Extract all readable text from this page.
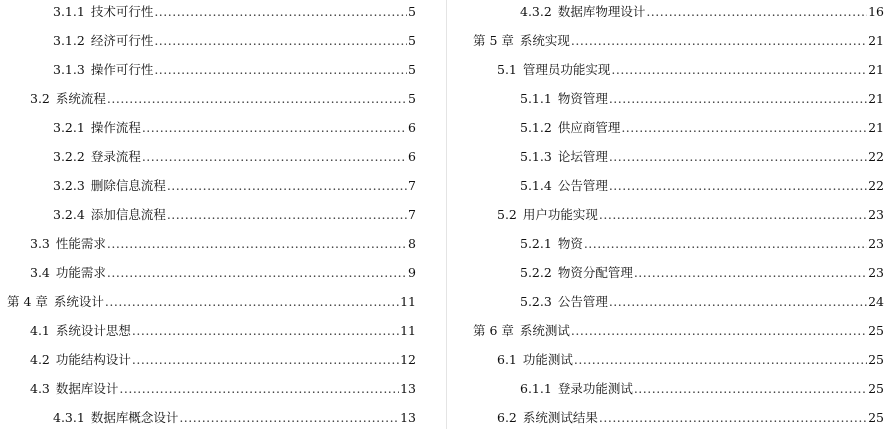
3.1.1 技术可行性 .....	5
3.1.2 经济可行性 .....	5
3.1.3 操作可行性 .....	5
3.2 系统流程 .....	5
3.2.1 操作流程 .....	6
3.2.2 登录流程 .....	6
3.2.3 删除信息流程 .....	7
3.2.4 添加信息流程 .....	7
3.3 性能需求 .....	8
3.4 功能需求 .....	9
第 4 章 系统设计 .....	11
4.1 系统设计思想 .....	11
4.2 功能结构设计 .....	12
4.3 数据库设计 .....	13
4.3.1 数据库概念设计 .....	13
4.3.2 数据库物理设计 .....	16
第 5 章 系统实现 .....	21
5.1 管理员功能实现 .....	21
5.1.1 物资管理 .....	21
5.1.2 供应商管理 .....	21
5.1.3 论坛管理 .....	22
5.1.4 公告管理 .....	22
5.2 用户功能实现 .....	23
5.2.1 物资 .....	23
5.2.2 物资分配管理 .....	23
5.2.3 公告管理 .....	24
第 6 章 系统测试 .....	25
6.1 功能测试 .....	25
6.1.1 登录功能测试 .....	25
6.2 系统测试结果 .....	25
